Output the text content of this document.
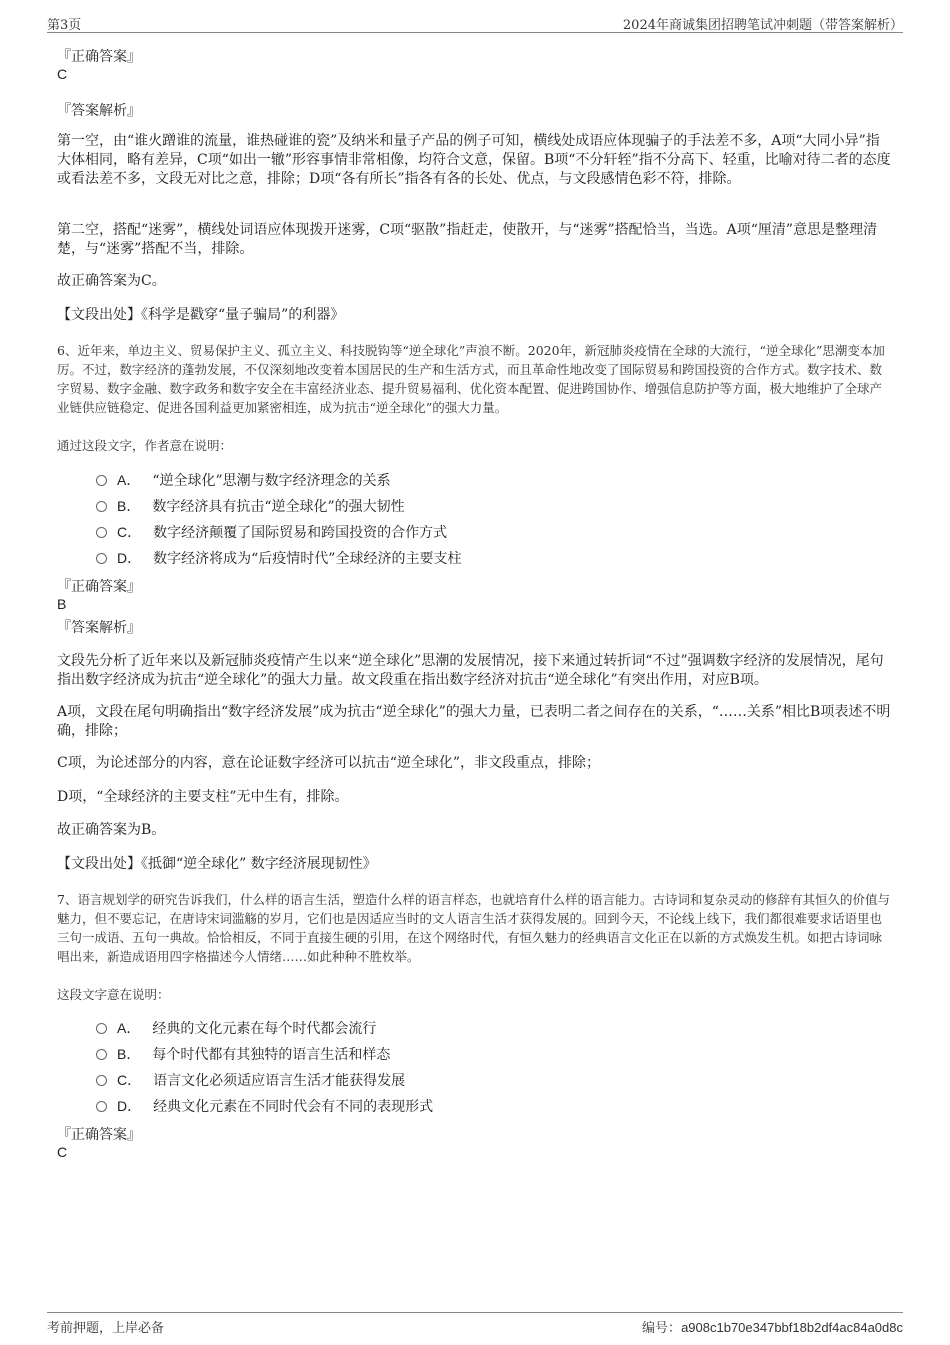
第3页	2024年商诚集团招聘笔试冲刺题（带答案解析）
『正确答案』
C
『答案解析』
第一空，由“谁火蹭谁的流量，谁热碰谁的瓷”及纳米和量子产品的例子可知，横线处成语应体现骗子的手法差不多，A项“大同小异”指大体相同，略有差异，C项“如出一辙”形容事情非常相像，均符合文意，保留。B项“不分轩轾”指不分高下、轻重，比喻对待二者的态度或看法差不多，文段无对比之意，排除；D项“各有所长”指各有各的长处、优点，与文段感情色彩不符，排除。
第二空，搭配“迷雾”，横线处词语应体现拨开迷雾，C项“驱散”指赶走，使散开，与“迷雾”搭配恰当，当选。A项“厘清”意思是整理清楚，与“迷雾”搭配不当，排除。
故正确答案为C。
【文段出处】《科学是戳穿“量子骗局”的利器》
6、近年来，单边主义、贸易保护主义、孤立主义、科技脱钩等“逆全球化”声浪不断。2020年，新冠肺炎疫情在全球的大流行，“逆全球化”思潮变本加厉。不过，数字经济的蓬勃发展，不仅深刻地改变着本国居民的生产和生活方式，而且革命性地改变了国际贸易和跨国投资的合作方式。数字技术、数字贸易、数字金融、数字政务和数字安全在丰富经济业态、提升贸易福利、优化资本配置、促进跨国协作、增强信息防护等方面，极大地维护了全球产业链供应链稳定、促进各国利益更加紧密相连，成为抗击“逆全球化”的强大力量。
通过这段文字，作者意在说明：
A． “逆全球化”思潮与数字经济理念的关系
B． 数字经济具有抗击“逆全球化”的强大韧性
C． 数字经济颠覆了国际贸易和跨国投资的合作方式
D． 数字经济将成为“后疫情时代”全球经济的主要支柱
『正确答案』
B
『答案解析』
文段先分析了近年来以及新冠肺炎疫情产生以来“逆全球化”思潮的发展情况，接下来通过转折词“不过”强调数字经济的发展情况，尾句指出数字经济成为抗击“逆全球化”的强大力量。故文段重在指出数字经济对抗击“逆全球化”有突出作用，对应B项。
A项，文段在尾句明确指出“数字经济发展”成为抗击“逆全球化”的强大力量，已表明二者之间存在的关系，“……关系”相比B项表述不明确，排除；
C项，为论述部分的内容，意在论证数字经济可以抗击“逆全球化”，非文段重点，排除；
D项，“全球经济的主要支柱”无中生有，排除。
故正确答案为B。
【文段出处】《抵御“逆全球化” 数字经济展现韧性》
7、语言规划学的研究告诉我们，什么样的语言生活，塑造什么样的语言样态，也就培育什么样的语言能力。古诗词和复杂灵动的修辞有其恒久的价值与魅力，但不要忘记，在唐诗宋词滥觞的岁月，它们也是因适应当时的文人语言生活才获得发展的。回到今天，不论线上线下，我们都很难要求话语里也三句一成语、五句一典故。恰恰相反，不同于直接生硬的引用，在这个网络时代，有恒久魅力的经典语言文化正在以新的方式焕发生机。如把古诗词咏唱出来，新造成语用四字格描述今人情绪……如此种种不胜枚举。
这段文字意在说明：
A． 经典的文化元素在每个时代都会流行
B． 每个时代都有其独特的语言生活和样态
C． 语言文化必须适应语言生活才能获得发展
D． 经典文化元素在不同时代会有不同的表现形式
『正确答案』
C
考前押题，上岸必备	编号：a908c1b70e347bbf18b2df4ac84a0d8c
